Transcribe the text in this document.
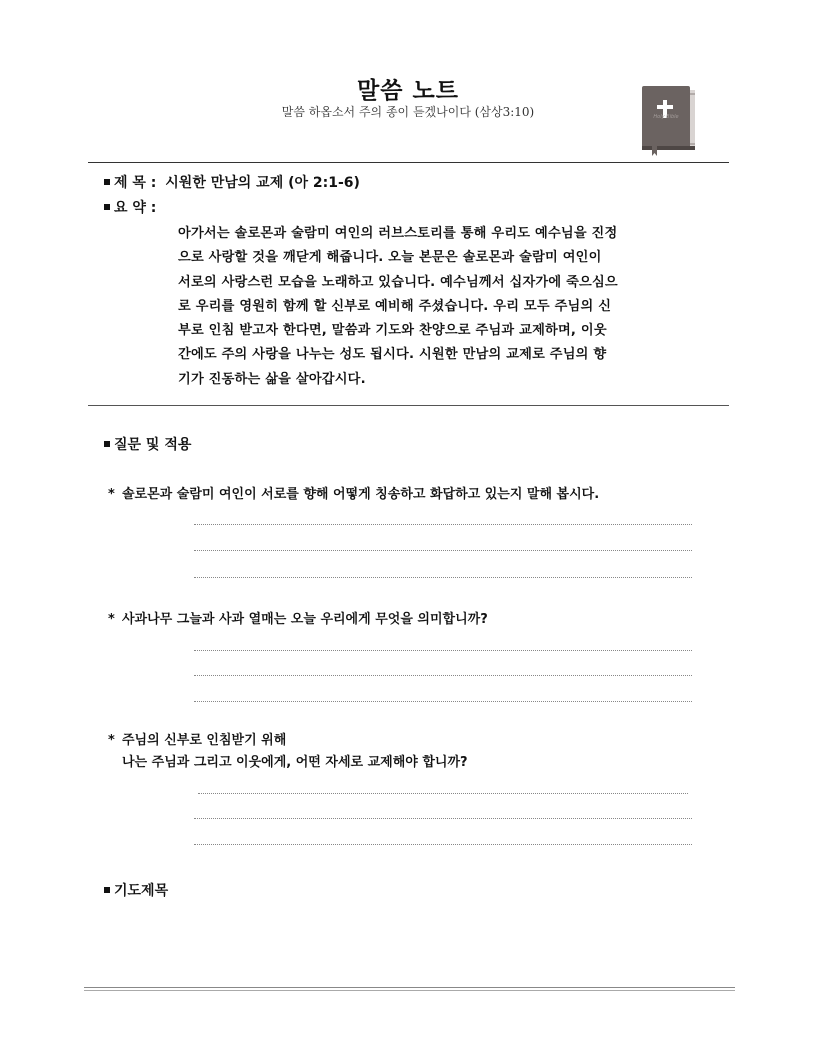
말씀 노트
말씀 하옵소서 주의 종이 듣겠나이다 (삼상3:10)	Holy Bible
제 목 : 시원한 만남의 교제 (아 2:1-6)
요 약 :
아가서는 솔로몬과 술람미 여인의 러브스토리를 통해 우리도 예수님을 진정
으로 사랑할 것을 깨닫게 해줍니다. 오늘 본문은 솔로몬과 술람미 여인이
서로의 사랑스런 모습을 노래하고 있습니다. 예수님께서 십자가에 죽으심으
로 우리를 영원히 함께 할 신부로 예비해 주셨습니다. 우리 모두 주님의 신
부로 인침 받고자 한다면, 말씀과 기도와 찬양으로 주님과 교제하며, 이웃
간에도 주의 사랑을 나누는 성도 됩시다. 시원한 만남의 교제로 주님의 향
기가 진동하는 삶을 살아갑시다.
질문 및 적용
* 솔로몬과 술람미 여인이 서로를 향해 어떻게 칭송하고 화답하고 있는지 말해 봅시다.
* 사과나무 그늘과 사과 열매는 오늘 우리에게 무엇을 의미합니까?
* 주님의 신부로 인침받기 위해
나는 주님과 그리고 이웃에게, 어떤 자세로 교제해야 합니까?
기도제목
